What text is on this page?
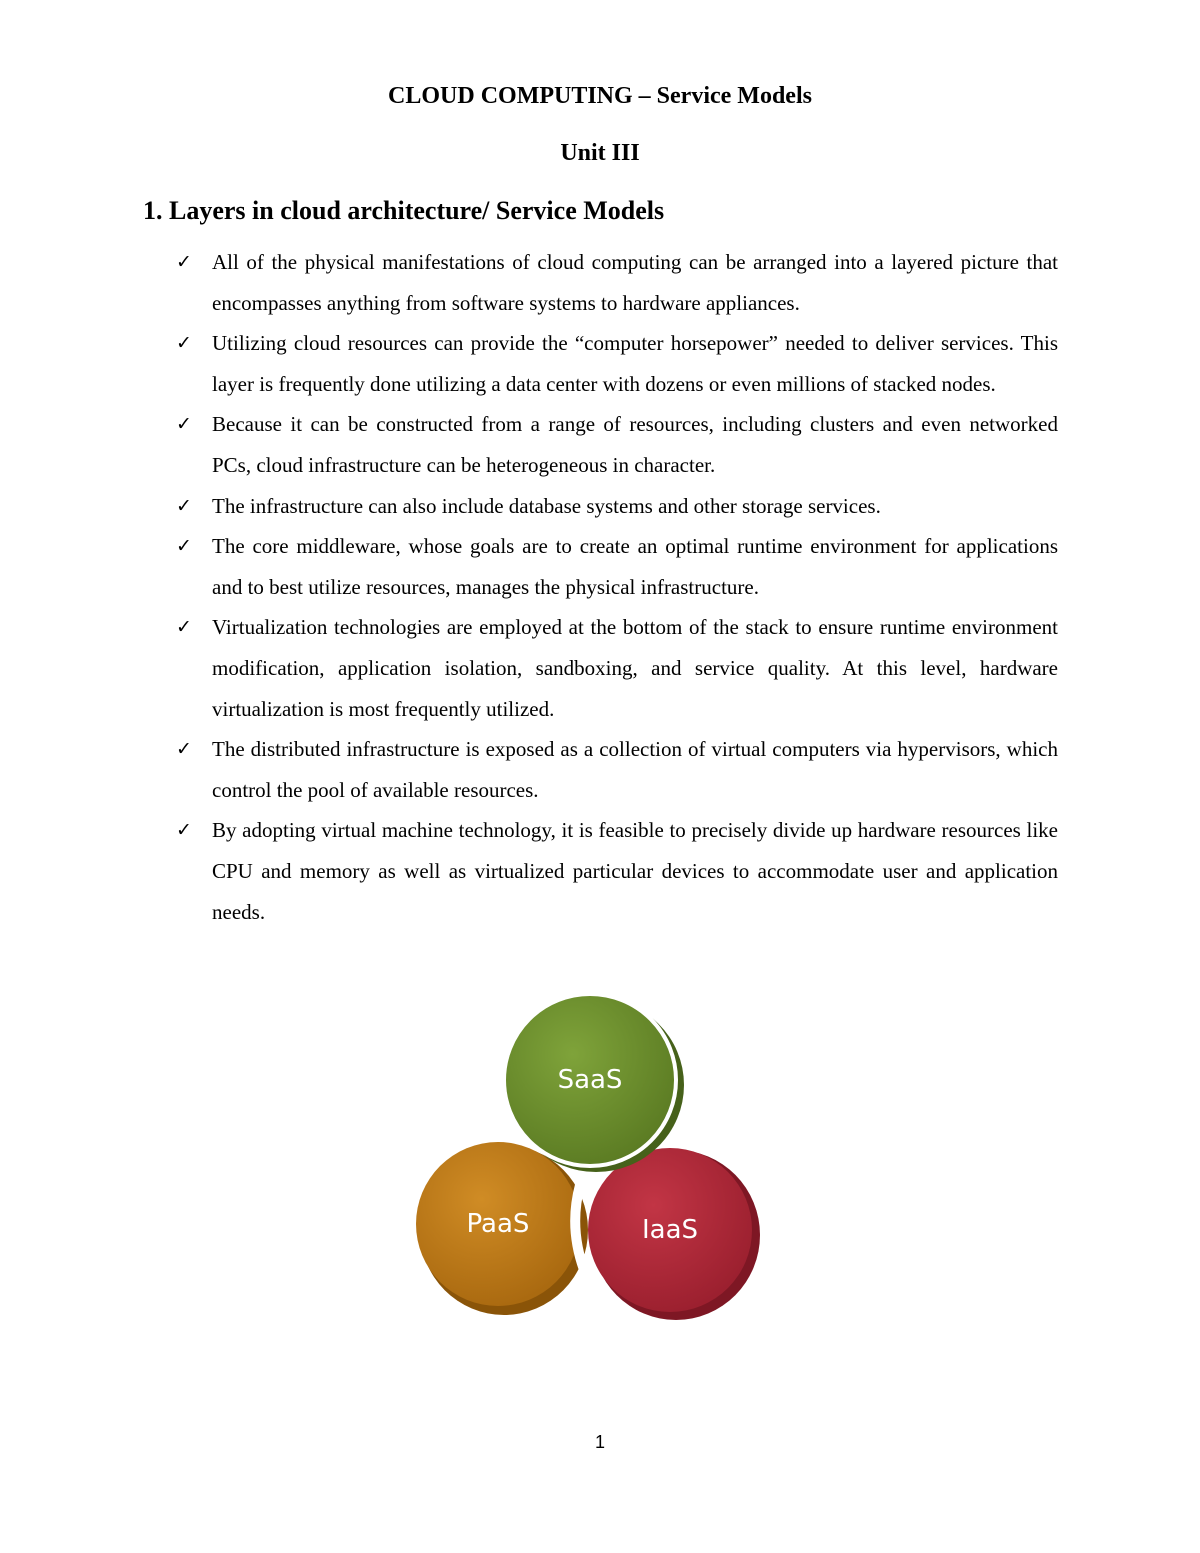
CLOUD COMPUTING – Service Models
Unit III
1. Layers in cloud architecture/ Service Models
✓ All of the physical manifestations of cloud computing can be arranged into a layered picture that encompasses anything from software systems to hardware appliances.
✓ Utilizing cloud resources can provide the “computer horsepower” needed to deliver services. This layer is frequently done utilizing a data center with dozens or even millions of stacked nodes.
✓ Because it can be constructed from a range of resources, including clusters and even networked PCs, cloud infrastructure can be heterogeneous in character.
✓ The infrastructure can also include database systems and other storage services.
✓ The core middleware, whose goals are to create an optimal runtime environment for applications and to best utilize resources, manages the physical infrastructure.
✓ Virtualization technologies are employed at the bottom of the stack to ensure runtime environment modification, application isolation, sandboxing, and service quality. At this level, hardware virtualization is most frequently utilized.
✓ The distributed infrastructure is exposed as a collection of virtual computers via hypervisors, which control the pool of available resources.
✓ By adopting virtual machine technology, it is feasible to precisely divide up hardware resources like CPU and memory as well as virtualized particular devices to accommodate user and application needs.
SaaS
PaaS	IaaS
1
